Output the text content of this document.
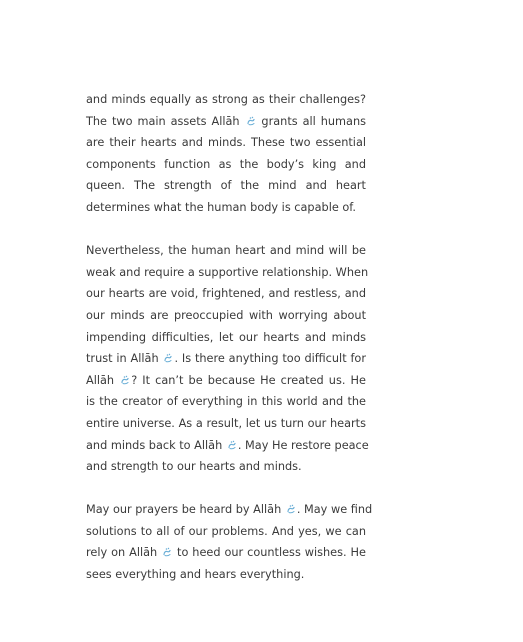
and minds equally as strong as their challenges?
The two main assets Allāh  grants all humans
are their hearts and minds. These two essential
components function as the body’s king and
queen. The strength of the mind and heart
determines what the human body is capable of.

Nevertheless, the human heart and mind will be
weak and require a supportive relationship. When
our hearts are void, frightened, and restless, and
our minds are preoccupied with worrying about
impending difficulties, let our hearts and minds
trust in Allāh . Is there anything too difficult for
Allāh ? It can’t be because He created us. He
is the creator of everything in this world and the
entire universe. As a result, let us turn our hearts
and minds back to Allāh . May He restore peace
and strength to our hearts and minds.

May our prayers be heard by Allāh . May we find
solutions to all of our problems. And yes, we can
rely on Allāh  to heed our countless wishes. He
sees everything and hears everything.
